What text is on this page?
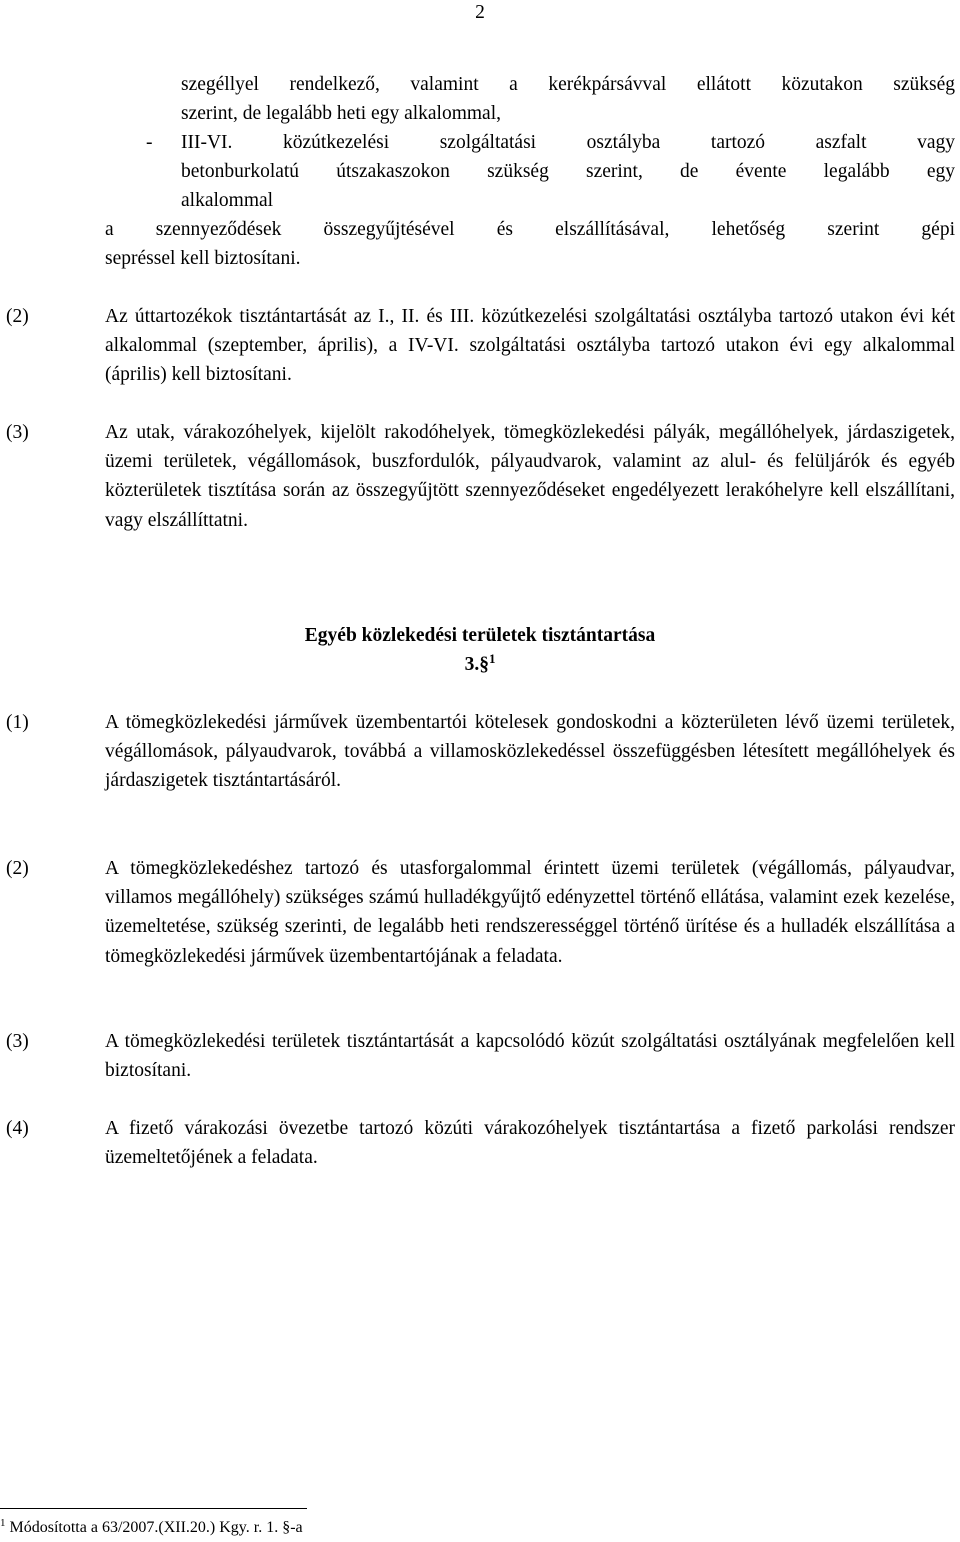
2
szegéllyel rendelkező, valamint a kerékpársávval ellátott közutakon szükség
szerint, de legalább heti egy alkalommal,
- III-VI. közútkezelési szolgáltatási osztályba tartozó aszfalt vagy
betonburkolatú útszakaszokon szükség szerint, de évente legalább egy
alkalommal
a szennyeződések összegyűjtésével és elszállításával, lehetőség szerint gépi
sepréssel kell biztosítani.
(2)	Az úttartozékok tisztántartását az I., II. és III. közútkezelési szolgáltatási osztályba tartozó utakon évi két alkalommal (szeptember, április), a IV-VI. szolgáltatási osztályba tartozó utakon évi egy alkalommal (április) kell biztosítani.
(3)	Az utak, várakozóhelyek, kijelölt rakodóhelyek, tömegközlekedési pályák, megállóhelyek, járdaszigetek, üzemi területek, végállomások, buszfordulók, pályaudvarok, valamint az alul- és felüljárók és egyéb közterületek tisztítása során az összegyűjtött szennyeződéseket engedélyezett lerakóhelyre kell elszállítani, vagy elszállíttatni.
Egyéb közlekedési területek tisztántartása
3.§$^1$
(1)	A tömegközlekedési járművek üzembentartói kötelesek gondoskodni a közterületen lévő üzemi területek, végállomások, pályaudvarok, továbbá a villamosközlekedéssel összefüggésben létesített megállóhelyek és járdaszigetek tisztántartásáról.
(2)	A tömegközlekedéshez tartozó és utasforgalommal érintett üzemi területek (végállomás, pályaudvar, villamos megállóhely) szükséges számú hulladékgyűjtő edényzettel történő ellátása, valamint ezek kezelése, üzemeltetése, szükség szerinti, de legalább heti rendszerességgel történő ürítése és a hulladék elszállítása a tömegközlekedési járművek üzembentartójának a feladata.
(3)	A tömegközlekedési területek tisztántartását a kapcsolódó közút szolgáltatási osztályának megfelelően kell biztosítani.
(4)	A fizető várakozási övezetbe tartozó közúti várakozóhelyek tisztántartása a fizető parkolási rendszer üzemeltetőjének a feladata.
$^1$ Módosította a 63/2007.(XII.20.) Kgy. r. 1. §-a
